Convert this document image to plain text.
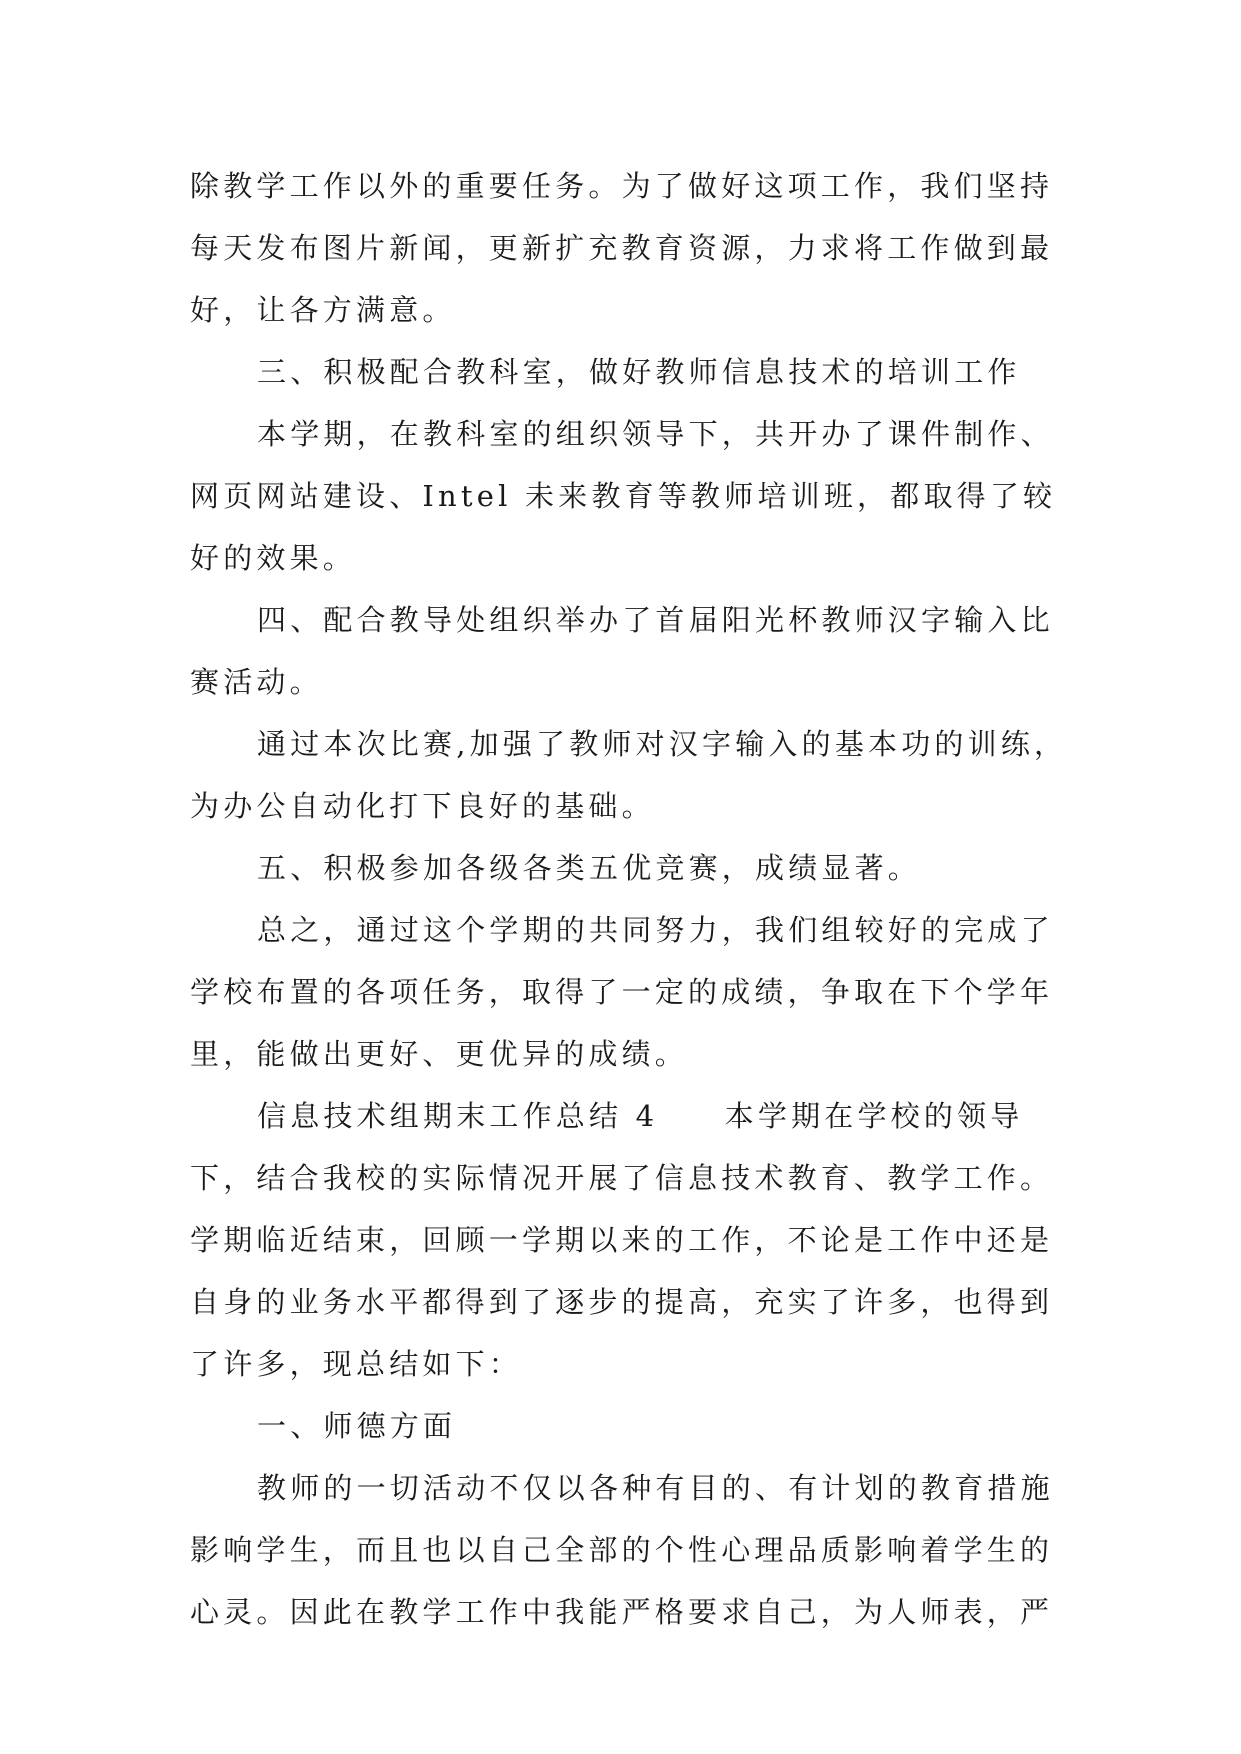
除教学工作以外的重要任务。为了做好这项工作，我们坚持
每天发布图片新闻，更新扩充教育资源，力求将工作做到最
好，让各方满意。
三、积极配合教科室，做好教师信息技术的培训工作
本学期，在教科室的组织领导下，共开办了课件制作、
网页网站建设、Intel 未来教育等教师培训班，都取得了较
好的效果。
四、配合教导处组织举办了首届阳光杯教师汉字输入比
赛活动。
通过本次比赛,加强了教师对汉字输入的基本功的训练，
为办公自动化打下良好的基础。
五、积极参加各级各类五优竞赛，成绩显著。
总之，通过这个学期的共同努力，我们组较好的完成了
学校布置的各项任务，取得了一定的成绩，争取在下个学年
里，能做出更好、更优异的成绩。
信息技术组期末工作总结 4　　本学期在学校的领导
下，结合我校的实际情况开展了信息技术教育、教学工作。
学期临近结束，回顾一学期以来的工作，不论是工作中还是
自身的业务水平都得到了逐步的提高，充实了许多，也得到
了许多，现总结如下：
一、师德方面
教师的一切活动不仅以各种有目的、有计划的教育措施
影响学生，而且也以自己全部的个性心理品质影响着学生的
心灵。因此在教学工作中我能严格要求自己，为人师表，严
